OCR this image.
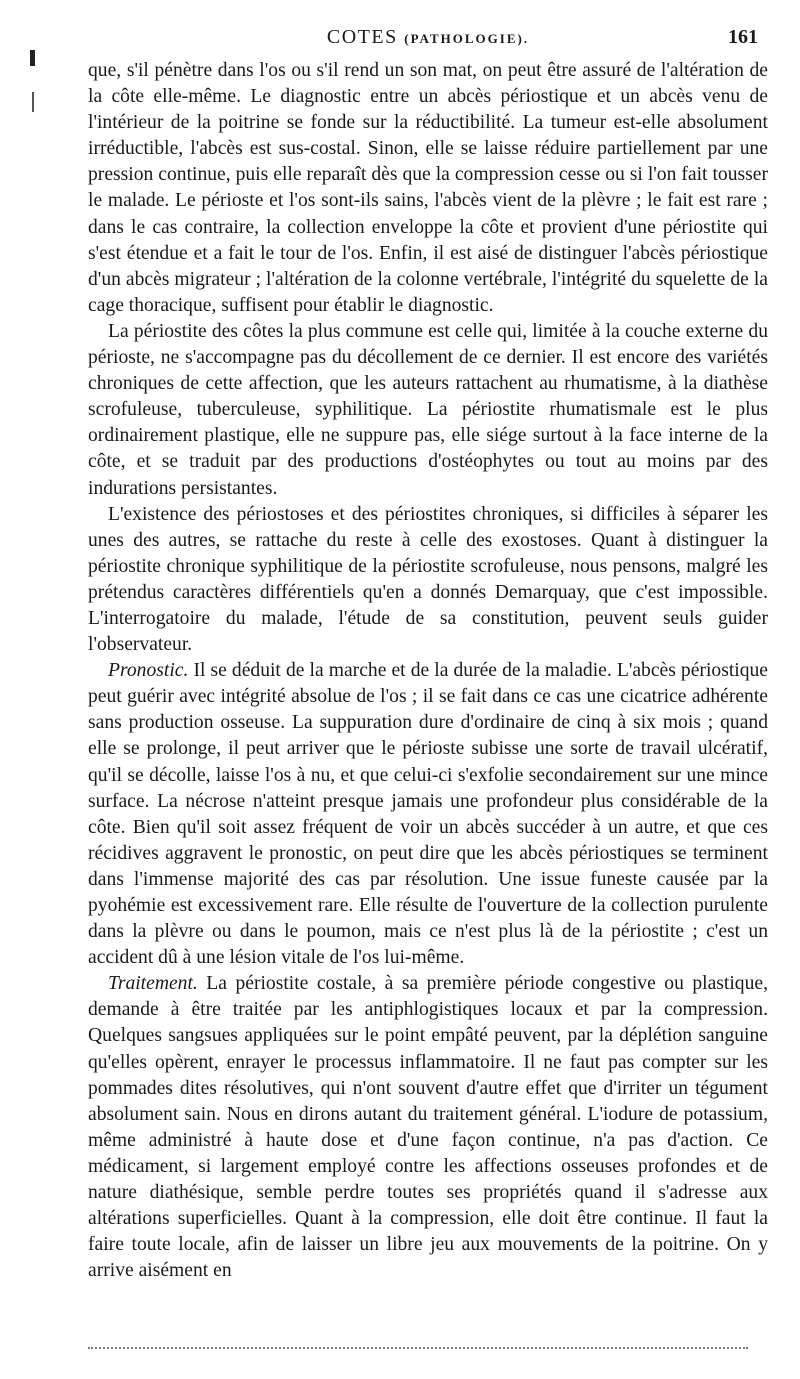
COTES (PATHOLOGIE).	161

que, s'il pénètre dans l'os ou s'il rend un son mat, on peut être assuré de l'altération de la côte elle-même. Le diagnostic entre un abcès périostique et un abcès venu de l'intérieur de la poitrine se fonde sur la réductibilité. La tumeur est-elle absolument irréductible, l'abcès est sus-costal. Sinon, elle se laisse réduire partiellement par une pression continue, puis elle reparaît dès que la compression cesse ou si l'on fait tousser le malade. Le périoste et l'os sont-ils sains, l'abcès vient de la plèvre ; le fait est rare ; dans le cas contraire, la collection enveloppe la côte et provient d'une périostite qui s'est étendue et a fait le tour de l'os. Enfin, il est aisé de distinguer l'abcès périostique d'un abcès migrateur ; l'altération de la colonne vertébrale, l'intégrité du squelette de la cage thoracique, suffisent pour établir le diagnostic.

La périostite des côtes la plus commune est celle qui, limitée à la couche externe du périoste, ne s'accompagne pas du décollement de ce dernier. Il est encore des variétés chroniques de cette affection, que les auteurs rattachent au rhumatisme, à la diathèse scrofuleuse, tuberculeuse, syphilitique. La périostite rhumatismale est le plus ordinairement plastique, elle ne suppure pas, elle siége surtout à la face interne de la côte, et se traduit par des productions d'ostéophytes ou tout au moins par des indurations persistantes.

L'existence des périostoses et des périostites chroniques, si difficiles à séparer les unes des autres, se rattache du reste à celle des exostoses. Quant à distinguer la périostite chronique syphilitique de la périostite scrofuleuse, nous pensons, malgré les prétendus caractères différentiels qu'en a donnés Demarquay, que c'est impossible. L'interrogatoire du malade, l'étude de sa constitution, peuvent seuls guider l'observateur.

Pronostic. Il se déduit de la marche et de la durée de la maladie. L'abcès périostique peut guérir avec intégrité absolue de l'os ; il se fait dans ce cas une cicatrice adhérente sans production osseuse. La suppuration dure d'ordinaire de cinq à six mois ; quand elle se prolonge, il peut arriver que le périoste subisse une sorte de travail ulcératif, qu'il se décolle, laisse l'os à nu, et que celui-ci s'exfolie secondairement sur une mince surface. La nécrose n'atteint presque jamais une profondeur plus considérable de la côte. Bien qu'il soit assez fréquent de voir un abcès succéder à un autre, et que ces récidives aggravent le pronostic, on peut dire que les abcès périostiques se terminent dans l'immense majorité des cas par résolution. Une issue funeste causée par la pyohémie est excessivement rare. Elle résulte de l'ouverture de la collection purulente dans la plèvre ou dans le poumon, mais ce n'est plus là de la périostite ; c'est un accident dû à une lésion vitale de l'os lui-même.

Traitement. La périostite costale, à sa première période congestive ou plastique, demande à être traitée par les antiphlogistiques locaux et par la compression. Quelques sangsues appliquées sur le point empâté peuvent, par la déplétion sanguine qu'elles opèrent, enrayer le processus inflammatoire. Il ne faut pas compter sur les pommades dites résolutives, qui n'ont souvent d'autre effet que d'irriter un tégument absolument sain. Nous en dirons autant du traitement général. L'iodure de potassium, même administré à haute dose et d'une façon continue, n'a pas d'action. Ce médicament, si largement employé contre les affections osseuses profondes et de nature diathésique, semble perdre toutes ses propriétés quand il s'adresse aux altérations superficielles. Quant à la compression, elle doit être continue. Il faut la faire toute locale, afin de laisser un libre jeu aux mouvements de la poitrine. On y arrive aisément en
